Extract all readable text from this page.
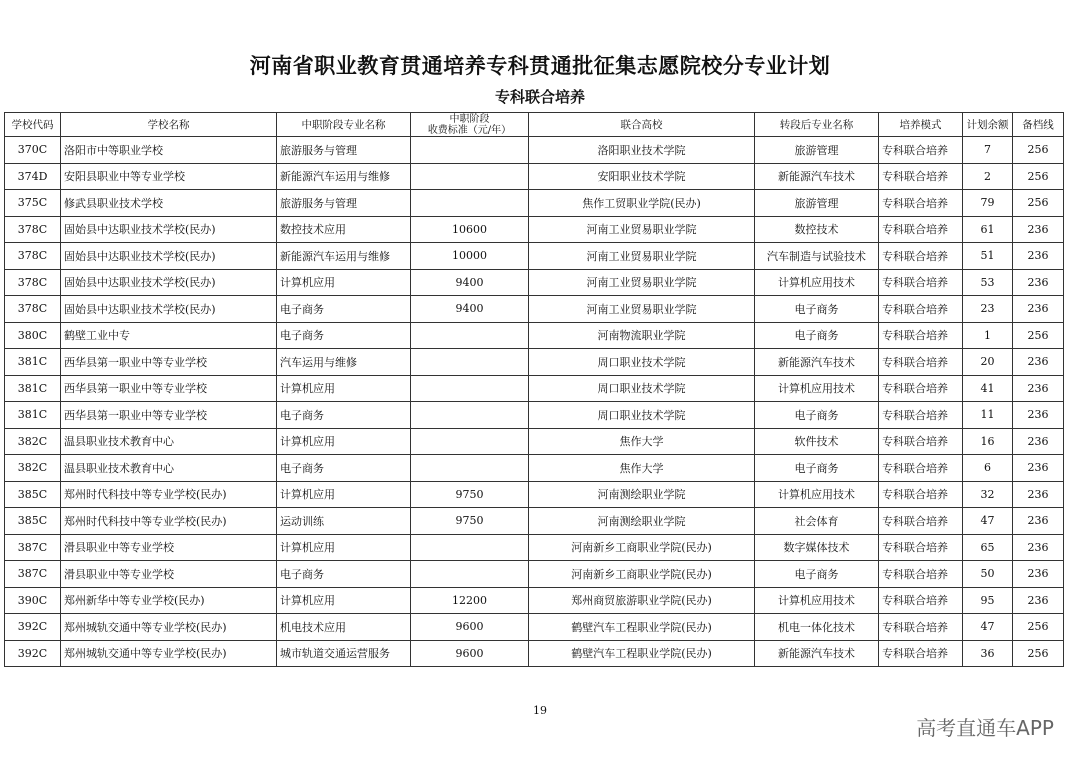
河南省职业教育贯通培养专科贯通批征集志愿院校分专业计划
专科联合培养
学校代码	学校名称	中职阶段专业名称	中职阶段
收费标准（元/年）	联合高校	转段后专业名称	培养模式	计划余额	备档线
370C	洛阳市中等职业学校	旅游服务与管理		洛阳职业技术学院	旅游管理	专科联合培养	7	256
374D	安阳县职业中等专业学校	新能源汽车运用与维修		安阳职业技术学院	新能源汽车技术	专科联合培养	2	256
375C	修武县职业技术学校	旅游服务与管理		焦作工贸职业学院(民办)	旅游管理	专科联合培养	79	256
378C	固始县中达职业技术学校(民办)	数控技术应用	10600	河南工业贸易职业学院	数控技术	专科联合培养	61	236
378C	固始县中达职业技术学校(民办)	新能源汽车运用与维修	10000	河南工业贸易职业学院	汽车制造与试验技术	专科联合培养	51	236
378C	固始县中达职业技术学校(民办)	计算机应用	9400	河南工业贸易职业学院	计算机应用技术	专科联合培养	53	236
378C	固始县中达职业技术学校(民办)	电子商务	9400	河南工业贸易职业学院	电子商务	专科联合培养	23	236
380C	鹤壁工业中专	电子商务		河南物流职业学院	电子商务	专科联合培养	1	256
381C	西华县第一职业中等专业学校	汽车运用与维修		周口职业技术学院	新能源汽车技术	专科联合培养	20	236
381C	西华县第一职业中等专业学校	计算机应用		周口职业技术学院	计算机应用技术	专科联合培养	41	236
381C	西华县第一职业中等专业学校	电子商务		周口职业技术学院	电子商务	专科联合培养	11	236
382C	温县职业技术教育中心	计算机应用		焦作大学	软件技术	专科联合培养	16	236
382C	温县职业技术教育中心	电子商务		焦作大学	电子商务	专科联合培养	6	236
385C	郑州时代科技中等专业学校(民办)	计算机应用	9750	河南测绘职业学院	计算机应用技术	专科联合培养	32	236
385C	郑州时代科技中等专业学校(民办)	运动训练	9750	河南测绘职业学院	社会体育	专科联合培养	47	236
387C	滑县职业中等专业学校	计算机应用		河南新乡工商职业学院(民办)	数字媒体技术	专科联合培养	65	236
387C	滑县职业中等专业学校	电子商务		河南新乡工商职业学院(民办)	电子商务	专科联合培养	50	236
390C	郑州新华中等专业学校(民办)	计算机应用	12200	郑州商贸旅游职业学院(民办)	计算机应用技术	专科联合培养	95	236
392C	郑州城轨交通中等专业学校(民办)	机电技术应用	9600	鹤壁汽车工程职业学院(民办)	机电一体化技术	专科联合培养	47	256
392C	郑州城轨交通中等专业学校(民办)	城市轨道交通运营服务	9600	鹤壁汽车工程职业学院(民办)	新能源汽车技术	专科联合培养	36	256
19
高考直通车APP
